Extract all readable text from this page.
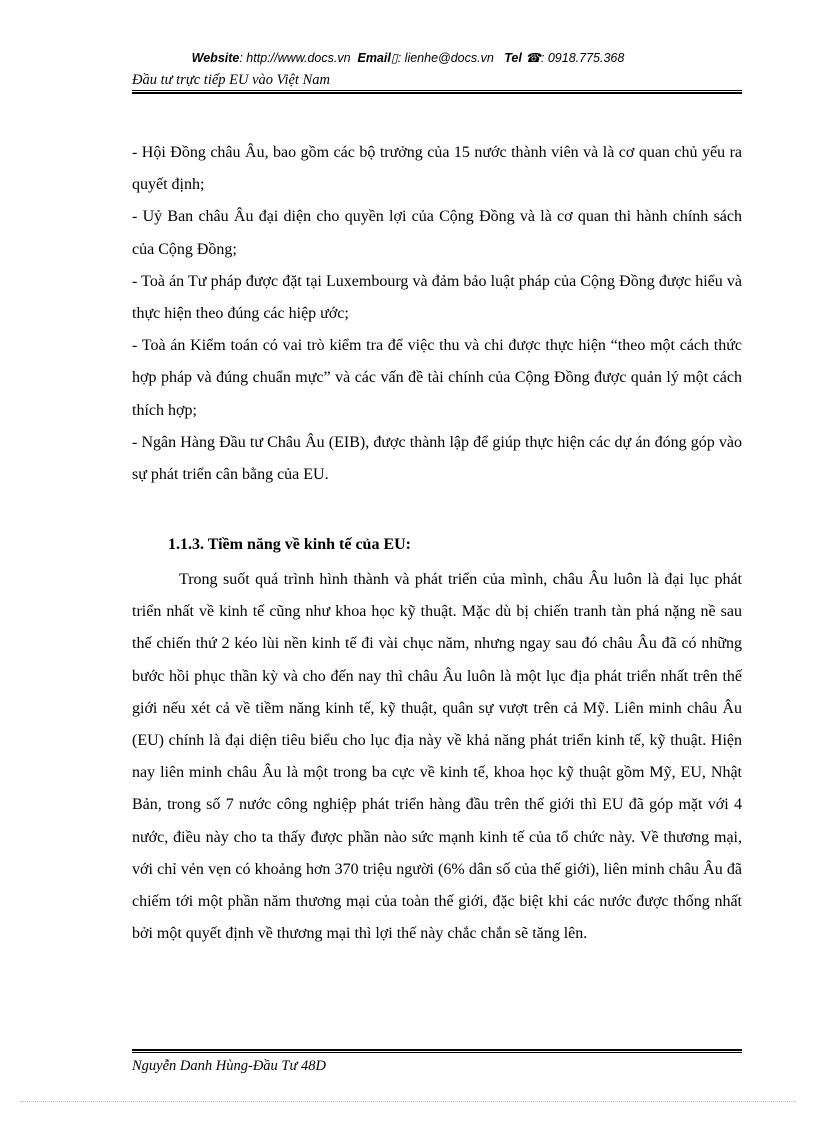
Website: http://www.docs.vn Email▯: lienhe@docs.vn Tel ☎: 0918.775.368
Đầu tư trực tiếp EU vào Việt Nam

- Hội Đồng châu Âu, bao gồm các bộ trưởng của 15 nước thành viên và là cơ quan chủ yếu ra quyết định;

- Uỷ Ban châu Âu đại diện cho quyền lợi của Cộng Đồng và là cơ quan thi hành chính sách của Cộng Đồng;

- Toà án Tư pháp được đặt tại Luxembourg và đảm bảo luật pháp của Cộng Đồng được hiểu và thực hiện theo đúng các hiệp ước;

- Toà án Kiểm toán có vai trò kiểm tra để việc thu và chi được thực hiện “theo một cách thức hợp pháp và đúng chuẩn mực” và các vấn đề tài chính của Cộng Đồng được quản lý một cách thích hợp;

- Ngân Hàng Đầu tư Châu Âu (EIB), được thành lập để giúp thực hiện các dự án đóng góp vào sự phát triển cân bằng của EU.

1.1.3. Tiềm năng về kinh tế của EU:

Trong suốt quá trình hình thành và phát triển của mình, châu Âu luôn là đại lục phát triển nhất về kinh tế cũng như khoa học kỹ thuật. Mặc dù bị chiến tranh tàn phá nặng nề sau thế chiến thứ 2 kéo lùi nền kinh tế đi vài chục năm, nhưng ngay sau đó châu Âu đã có những bước hồi phục thần kỳ và cho đến nay thì châu Âu luôn là một lục địa phát triển nhất trên thế giới nếu xét cả về tiềm năng kinh tế, kỹ thuật, quân sự vượt trên cả Mỹ. Liên minh châu Âu (EU) chính là đại diện tiêu biểu cho lục địa này về khả năng phát triển kinh tế, kỹ thuật. Hiện nay liên minh châu Âu là một trong ba cực về kinh tế, khoa học kỹ thuật gồm Mỹ, EU, Nhật Bản, trong số 7 nước công nghiệp phát triển hàng đầu trên thế giới thì EU đã góp mặt với 4 nước, điều này cho ta thấy được phần nào sức mạnh kinh tế của tổ chức này. Về thương mại, với chỉ vẻn vẹn có khoảng hơn 370 triệu người (6% dân số của thế giới), liên minh châu Âu đã chiếm tới một phần năm thương mại của toàn thế giới, đặc biệt khi các nước được thống nhất bởi một quyết định về thương mại thì lợi thế này chắc chắn sẽ tăng lên.

Nguyễn Danh Hùng-Đầu Tư 48D
